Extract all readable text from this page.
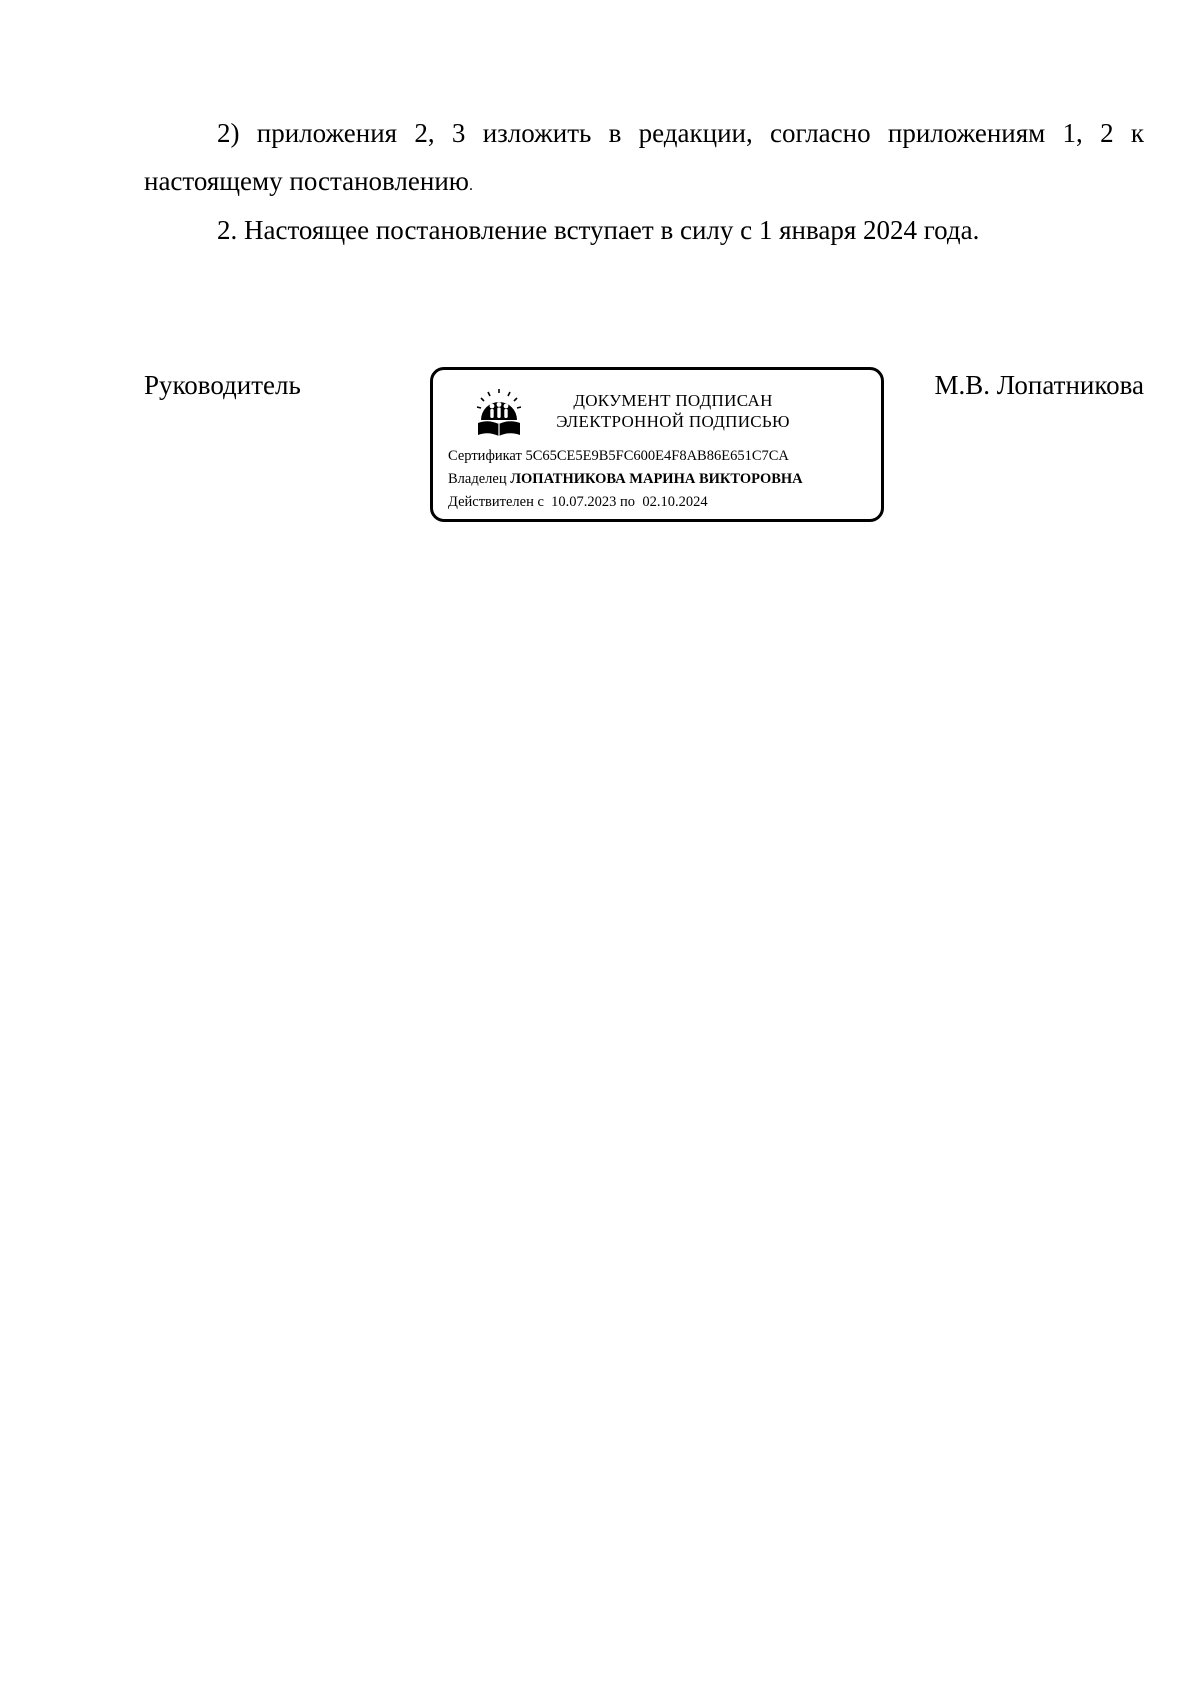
2) приложения 2, 3 изложить в редакции, согласно приложениям 1, 2 к
настоящему постановлению.
2. Настоящее постановление вступает в силу с 1 января 2024 года.
Руководитель	М.В. Лопатникова
ДОКУМЕНТ ПОДПИСАН
ЭЛЕКТРОННОЙ ПОДПИСЬЮ
Сертификат 5C65CE5E9B5FC600E4F8AB86E651C7CA
Владелец ЛОПАТНИКОВА МАРИНА ВИКТОРОВНА
Действителен с 10.07.2023 по 02.10.2024
